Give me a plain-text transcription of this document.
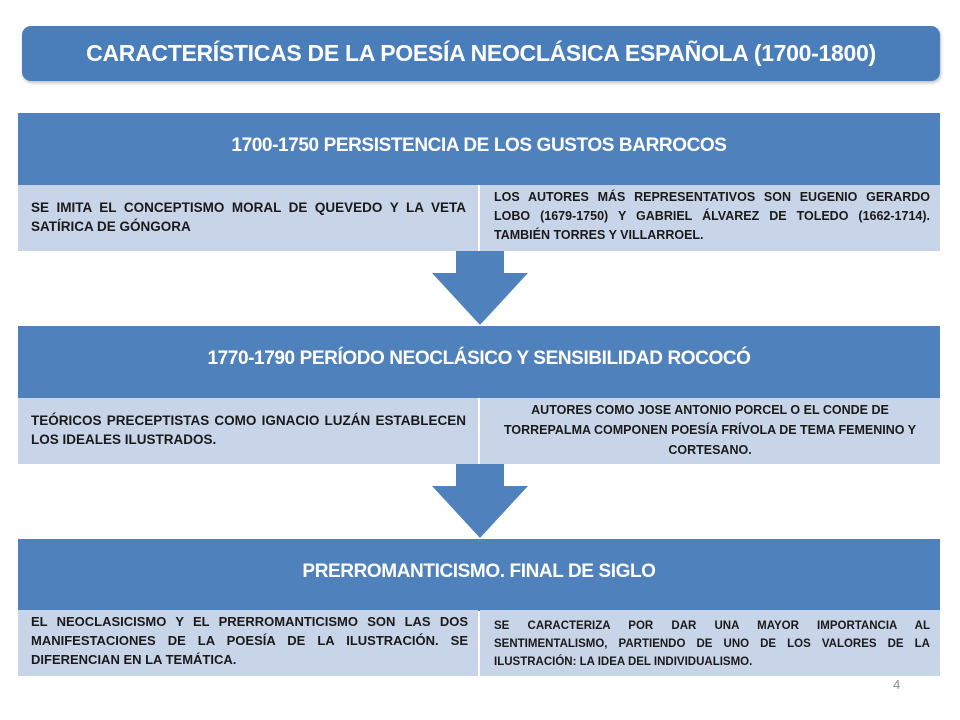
CARACTERÍSTICAS DE LA POESÍA NEOCLÁSICA ESPAÑOLA (1700-1800)
1700-1750 PERSISTENCIA DE LOS GUSTOS BARROCOS
SE IMITA EL CONCEPTISMO MORAL DE QUEVEDO Y LA VETA SATÍRICA DE GÓNGORA
LOS AUTORES MÁS REPRESENTATIVOS SON EUGENIO GERARDO LOBO (1679-1750) Y GABRIEL ÁLVAREZ DE TOLEDO (1662-1714). TAMBIÉN TORRES Y VILLARROEL.
1770-1790 PERÍODO NEOCLÁSICO Y SENSIBILIDAD ROCOCÓ
TEÓRICOS PRECEPTISTAS COMO IGNACIO LUZÁN ESTABLECEN LOS IDEALES ILUSTRADOS.
AUTORES COMO JOSE ANTONIO PORCEL O EL CONDE DE TORREPALMA COMPONEN POESÍA FRÍVOLA DE TEMA FEMENINO Y CORTESANO.
PRERROMANTICISMO. FINAL DE SIGLO
EL NEOCLASICISMO Y EL PRERROMANTICISMO SON LAS DOS MANIFESTACIONES DE LA POESÍA DE LA ILUSTRACIÓN. SE DIFERENCIAN EN LA TEMÁTICA.
SE CARACTERIZA POR DAR UNA MAYOR IMPORTANCIA AL SENTIMENTALISMO, PARTIENDO DE UNO DE LOS VALORES DE LA ILUSTRACIÓN: LA IDEA DEL INDIVIDUALISMO.
4
